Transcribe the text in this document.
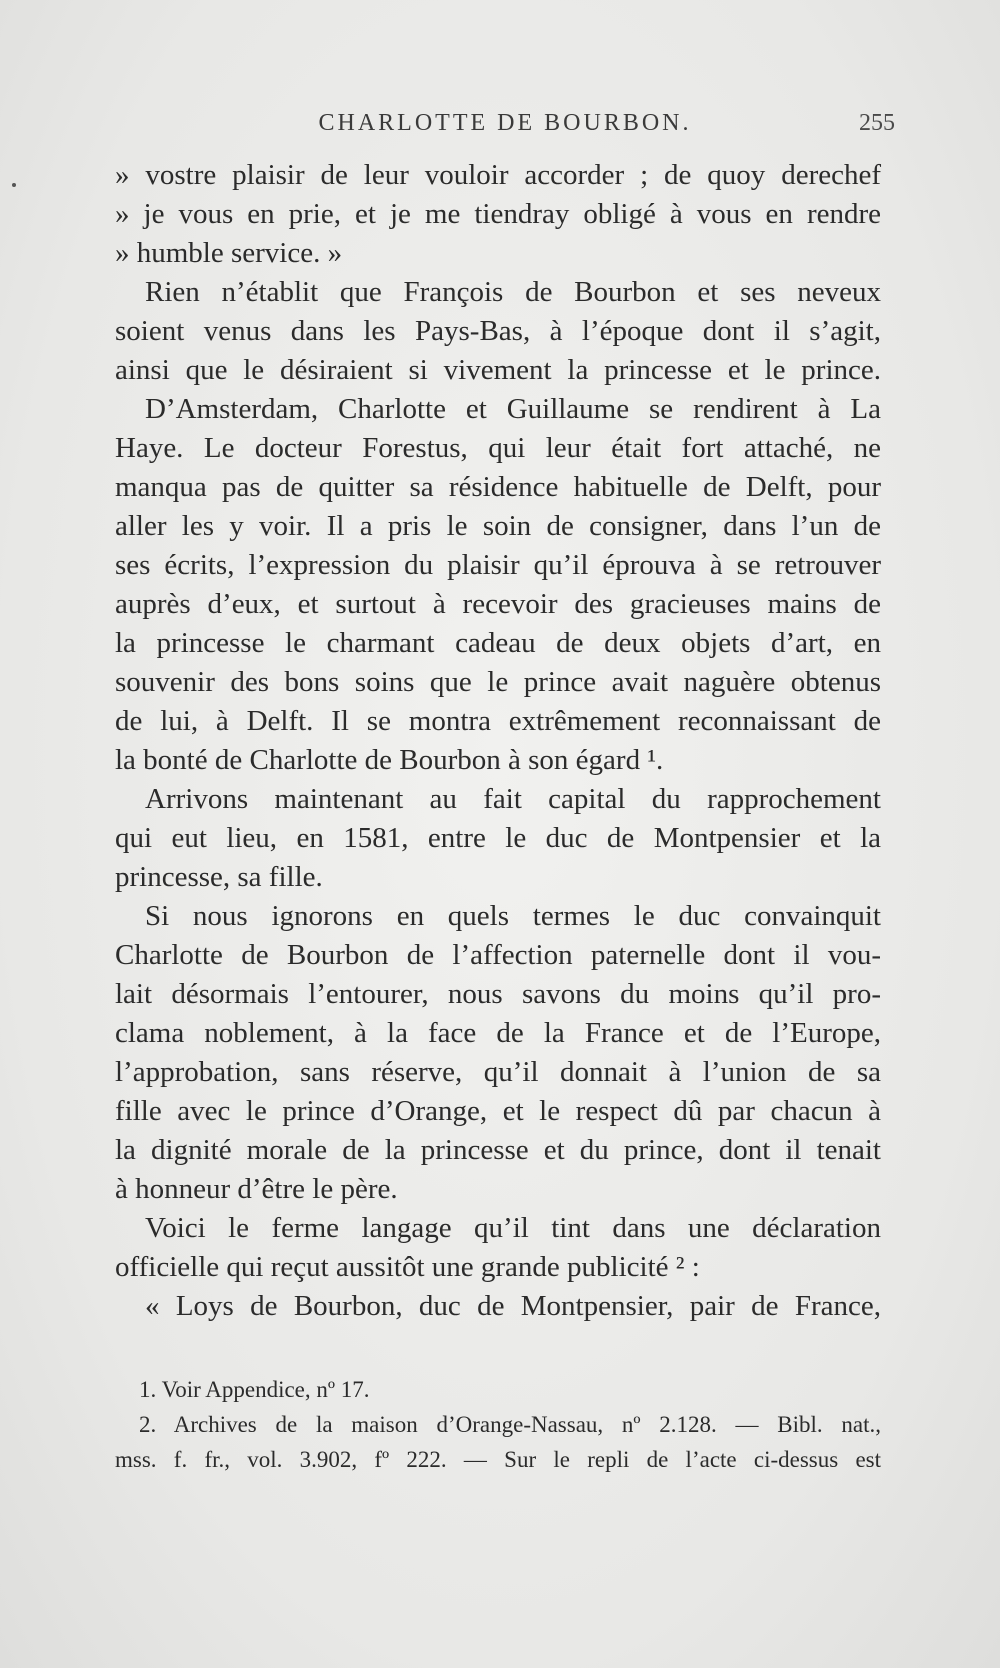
CHARLOTTE DE BOURBON.	255
» vostre plaisir de leur vouloir accorder ; de quoy derechef
» je vous en prie, et je me tiendray obligé à vous en rendre
» humble service. »
Rien n’établit que François de Bourbon et ses neveux
soient venus dans les Pays-Bas, à l’époque dont il s’agit,
ainsi que le désiraient si vivement la princesse et le prince.
D’Amsterdam, Charlotte et Guillaume se rendirent à La
Haye. Le docteur Forestus, qui leur était fort attaché, ne
manqua pas de quitter sa résidence habituelle de Delft, pour
aller les y voir. Il a pris le soin de consigner, dans l’un de
ses écrits, l’expression du plaisir qu’il éprouva à se retrouver
auprès d’eux, et surtout à recevoir des gracieuses mains de
la princesse le charmant cadeau de deux objets d’art, en
souvenir des bons soins que le prince avait naguère obtenus
de lui, à Delft. Il se montra extrêmement reconnaissant de
la bonté de Charlotte de Bourbon à son égard ¹.
Arrivons maintenant au fait capital du rapprochement
qui eut lieu, en 1581, entre le duc de Montpensier et la
princesse, sa fille.
Si nous ignorons en quels termes le duc convainquit
Charlotte de Bourbon de l’affection paternelle dont il vou-
lait désormais l’entourer, nous savons du moins qu’il pro-
clama noblement, à la face de la France et de l’Europe,
l’approbation, sans réserve, qu’il donnait à l’union de sa
fille avec le prince d’Orange, et le respect dû par chacun à
la dignité morale de la princesse et du prince, dont il tenait
à honneur d’être le père.
Voici le ferme langage qu’il tint dans une déclaration
officielle qui reçut aussitôt une grande publicité ² :
« Loys de Bourbon, duc de Montpensier, pair de France,
1. Voir Appendice, nº 17.
2. Archives de la maison d’Orange-Nassau, nº 2.128. — Bibl. nat.,
mss. f. fr., vol. 3.902, fº 222. — Sur le repli de l’acte ci-dessus est
